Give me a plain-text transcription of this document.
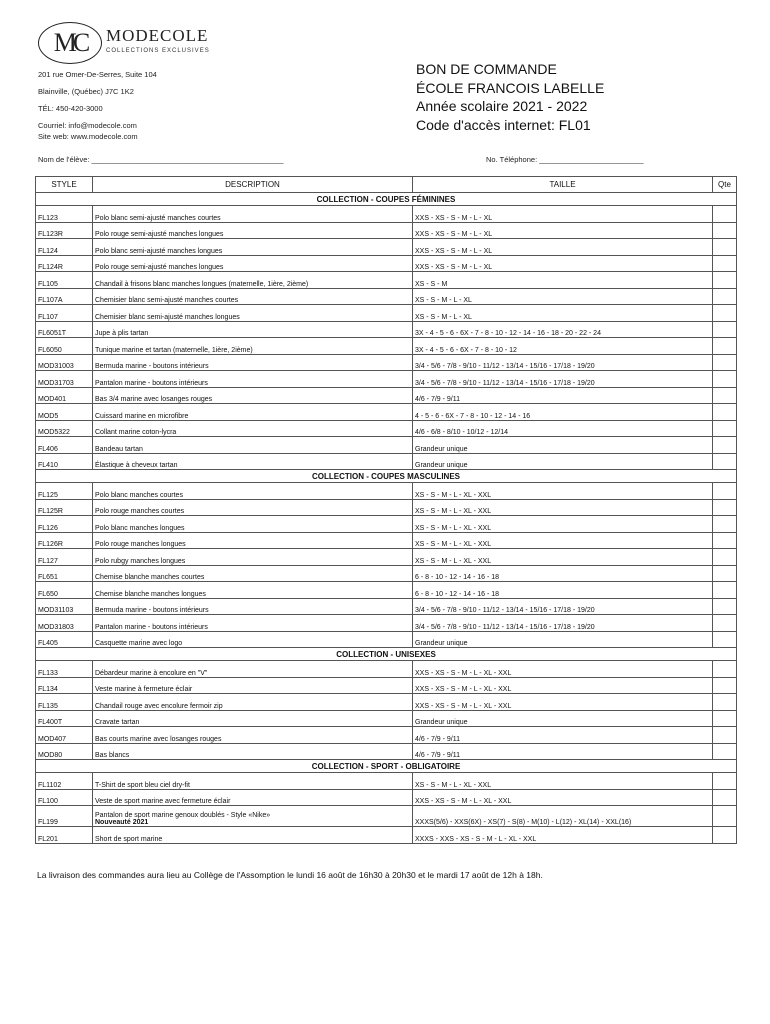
MC MODECOLE
COLLECTIONS EXCLUSIVES
201 rue Omer-De-Serres, Suite 104
Blainville, (Québec) J7C 1K2
TÉL: 450-420-3000
Courriel: info@modecole.com
Site web: www.modecole.com
BON DE COMMANDE
ÉCOLE FRANCOIS LABELLE
Année scolaire 2021 - 2022
Code d'accès internet: FL01
Nom de l'élève: ______________________________________________	No. Téléphone: _________________________
STYLE	DESCRIPTION	TAILLE	Qte
COLLECTION - COUPES FÉMININES			
FL123	Polo blanc semi-ajusté manches courtes	XXS - XS - S - M - L - XL	
FL123R	Polo rouge semi-ajusté manches longues	XXS - XS - S - M - L - XL	
FL124	Polo blanc semi-ajusté manches longues	XXS - XS - S - M - L - XL	
FL124R	Polo rouge semi-ajusté manches longues	XXS - XS - S - M - L - XL	
FL105	Chandail à frisons blanc manches longues (maternelle, 1ière, 2ième)	XS - S - M	
FL107A	Chemisier blanc semi-ajusté manches courtes	XS - S - M - L - XL	
FL107	Chemisier blanc semi-ajusté manches longues	XS - S - M - L - XL	
FL6051T	Jupe à plis tartan	3X - 4 - 5 - 6 - 6X - 7 - 8 - 10 - 12 - 14 - 16 - 18 - 20 - 22 - 24	
FL6050	Tunique marine et tartan (maternelle, 1ière, 2ième)	3X - 4 - 5 - 6 - 6X - 7 - 8 - 10 - 12	
MOD31003	Bermuda marine - boutons intérieurs	3/4 - 5/6 - 7/8 - 9/10 - 11/12 - 13/14 - 15/16 - 17/18 - 19/20	
MOD31703	Pantalon marine - boutons intérieurs	3/4 - 5/6 - 7/8 - 9/10 - 11/12 - 13/14 - 15/16 - 17/18 - 19/20	
MOD401	Bas 3/4 marine avec losanges rouges	4/6 - 7/9 - 9/11	
MOD5	Cuissard marine en microfibre	4 - 5 - 6 - 6X - 7 - 8 - 10 - 12 - 14 - 16	
MOD5322	Collant marine coton-lycra	4/6 - 6/8 - 8/10 - 10/12 - 12/14	
FL406	Bandeau tartan	Grandeur unique	
FL410	Élastique à cheveux tartan	Grandeur unique	
COLLECTION - COUPES MASCULINES			
FL125	Polo blanc manches courtes	XS - S - M - L - XL - XXL	
FL125R	Polo rouge manches courtes	XS - S - M - L - XL - XXL	
FL126	Polo blanc manches longues	XS - S - M - L - XL - XXL	
FL126R	Polo rouge manches longues	XS - S - M - L - XL - XXL	
FL127	Polo rubgy manches longues	XS - S - M - L - XL - XXL	
FL651	Chemise blanche manches courtes	6 - 8 - 10 - 12 - 14 - 16 - 18	
FL650	Chemise blanche manches longues	6 - 8 - 10 - 12 - 14 - 16 - 18	
MOD31103	Bermuda marine - boutons intérieurs	3/4 - 5/6 - 7/8 - 9/10 - 11/12 - 13/14 - 15/16 - 17/18 - 19/20	
MOD31803	Pantalon marine - boutons intérieurs	3/4 - 5/6 - 7/8 - 9/10 - 11/12 - 13/14 - 15/16 - 17/18 - 19/20	
FL405	Casquette marine avec logo	Grandeur unique	
COLLECTION - UNISEXES			
FL133	Débardeur marine à encolure en "V"	XXS - XS - S - M - L - XL - XXL	
FL134	Veste marine à fermeture éclair	XXS - XS - S - M - L - XL - XXL	
FL135	Chandail rouge avec encolure fermoir zip	XXS - XS - S - M - L - XL - XXL	
FL400T	Cravate tartan	Grandeur unique	
MOD407	Bas courts marine avec losanges rouges	4/6 - 7/9 - 9/11	
MOD80	Bas blancs	4/6 - 7/9 - 9/11	
COLLECTION - SPORT - OBLIGATOIRE			
FL1102	T-Shirt de sport bleu ciel dry-fit	XS - S - M - L - XL - XXL	
FL100	Veste de sport marine avec fermeture éclair	XXS - XS - S - M - L - XL - XXL	
FL199	Pantalon de sport marine genoux doublés - Style «Nike»
Nouveauté 2021	XXXS(5/6) - XXS(6X) - XS(7) - S(8) - M(10) - L(12) - XL(14) - XXL(16)	
FL201	Short de sport marine	XXXS - XXS - XS - S - M - L - XL - XXL	
La livraison des commandes aura lieu au Collège de l'Assomption le lundi 16 août de 16h30 à 20h30 et le mardi 17 août de 12h à 18h.
